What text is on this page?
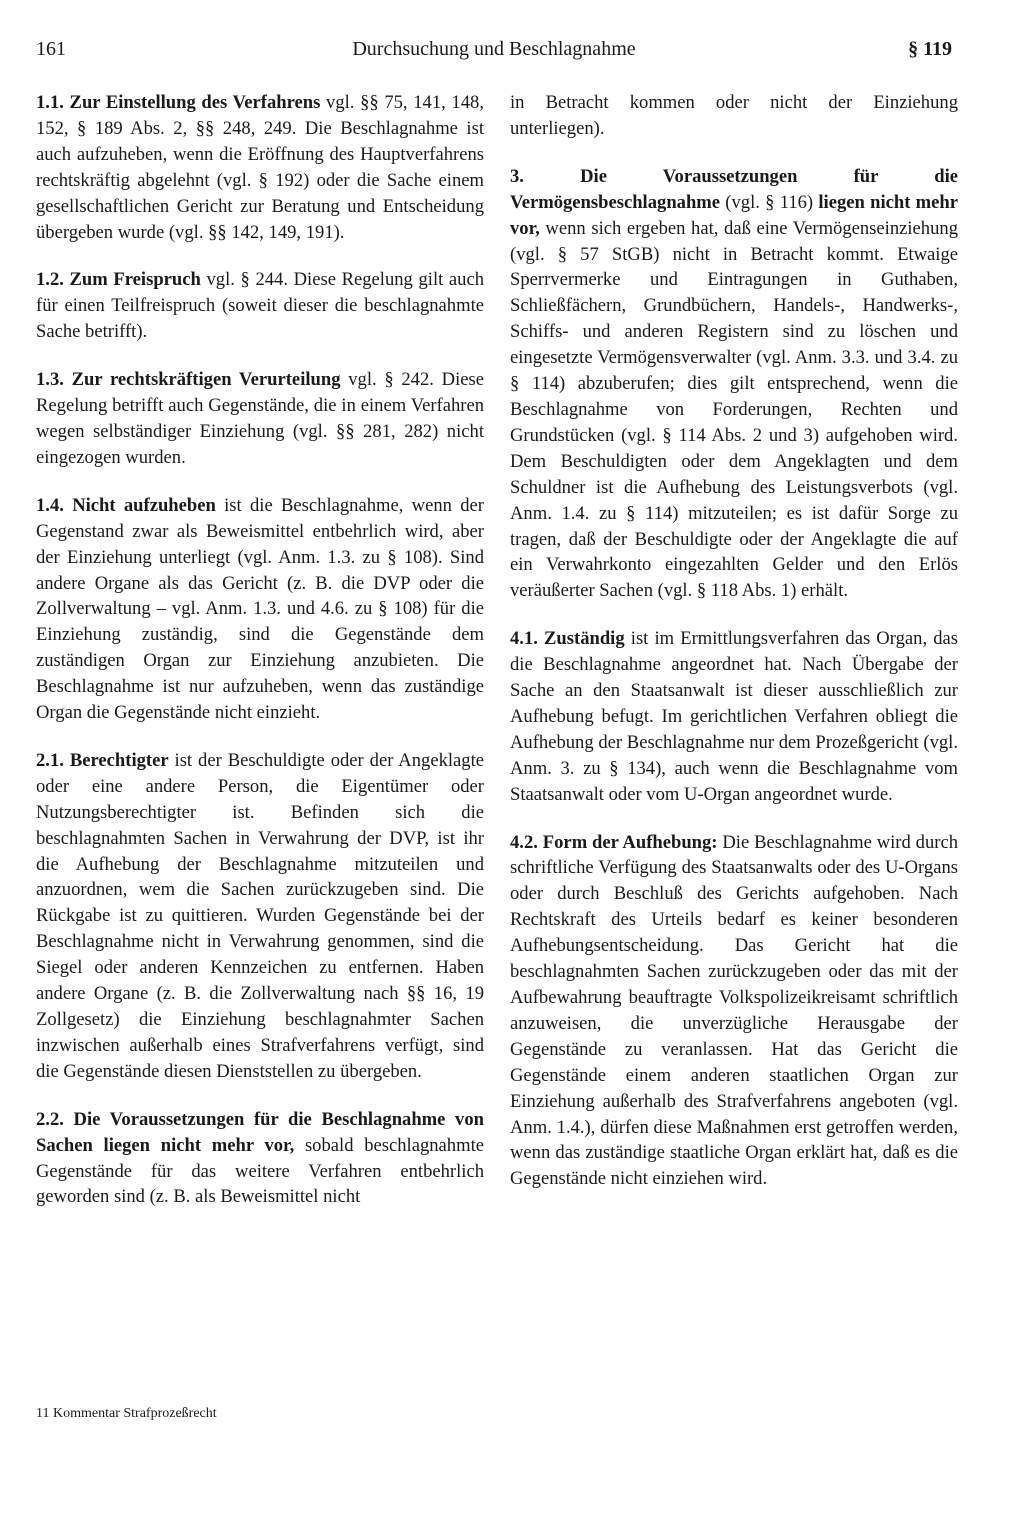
161	Durchsuchung und Beschlagnahme	§ 119

1.1. Zur Einstellung des Verfahrens vgl. §§ 75, 141, 148, 152, § 189 Abs. 2, §§ 248, 249. Die Beschlagnahme ist auch aufzuheben, wenn die Eröffnung des Hauptverfahrens rechtskräftig abgelehnt (vgl. § 192) oder die Sache einem gesellschaftlichen Gericht zur Beratung und Entscheidung übergeben wurde (vgl. §§ 142, 149, 191).

1.2. Zum Freispruch vgl. § 244. Diese Regelung gilt auch für einen Teilfreispruch (soweit dieser die beschlagnahmte Sache betrifft).

1.3. Zur rechtskräftigen Verurteilung vgl. § 242. Diese Regelung betrifft auch Gegenstände, die in einem Verfahren wegen selbständiger Einziehung (vgl. §§ 281, 282) nicht eingezogen wurden.

1.4. Nicht aufzuheben ist die Beschlagnahme, wenn der Gegenstand zwar als Beweismittel entbehrlich wird, aber der Einziehung unterliegt (vgl. Anm. 1.3. zu § 108). Sind andere Organe als das Gericht (z. B. die DVP oder die Zollverwaltung – vgl. Anm. 1.3. und 4.6. zu § 108) für die Einziehung zuständig, sind die Gegenstände dem zuständigen Organ zur Einziehung anzubieten. Die Beschlagnahme ist nur aufzuheben, wenn das zuständige Organ die Gegenstände nicht einzieht.

2.1. Berechtigter ist der Beschuldigte oder der Angeklagte oder eine andere Person, die Eigentümer oder Nutzungsberechtigter ist. Befinden sich die beschlagnahmten Sachen in Verwahrung der DVP, ist ihr die Aufhebung der Beschlagnahme mitzuteilen und anzuordnen, wem die Sachen zurückzugeben sind. Die Rückgabe ist zu quittieren. Wurden Gegenstände bei der Beschlagnahme nicht in Verwahrung genommen, sind die Siegel oder anderen Kennzeichen zu entfernen. Haben andere Organe (z. B. die Zollverwaltung nach §§ 16, 19 Zollgesetz) die Einziehung beschlagnahmter Sachen inzwischen außerhalb eines Strafverfahrens verfügt, sind die Gegenstände diesen Dienststellen zu übergeben.

2.2. Die Voraussetzungen für die Beschlagnahme von Sachen liegen nicht mehr vor, sobald beschlagnahmte Gegenstände für das weitere Verfahren entbehrlich geworden sind (z. B. als Beweismittel nicht

in Betracht kommen oder nicht der Einziehung unterliegen).

3.	Die Voraussetzungen für die Vermögensbeschlagnahme (vgl. § 116) liegen nicht mehr vor, wenn sich ergeben hat, daß eine Vermögenseinziehung (vgl. § 57 StGB) nicht in Betracht kommt. Etwaige Sperrvermerke und Eintragungen in Guthaben, Schließfächern, Grundbüchern, Handels-, Handwerks-, Schiffs- und anderen Registern sind zu löschen und eingesetzte Vermögensverwalter (vgl. Anm. 3.3. und 3.4. zu § 114) abzuberufen; dies gilt entsprechend, wenn die Beschlagnahme von Forderungen, Rechten und Grundstücken (vgl. § 114 Abs. 2 und 3) aufgehoben wird. Dem Beschuldigten oder dem Angeklagten und dem Schuldner ist die Aufhebung des Leistungsverbots (vgl. Anm. 1.4. zu § 114) mitzuteilen; es ist dafür Sorge zu tragen, daß der Beschuldigte oder der Angeklagte die auf ein Verwahrkonto eingezahlten Gelder und den Erlös veräußerter Sachen (vgl. § 118 Abs. 1) erhält.

4.1. Zuständig ist im Ermittlungsverfahren das Organ, das die Beschlagnahme angeordnet hat. Nach Übergabe der Sache an den Staatsanwalt ist dieser ausschließlich zur Aufhebung befugt. Im gerichtlichen Verfahren obliegt die Aufhebung der Beschlagnahme nur dem Prozeßgericht (vgl. Anm. 3. zu § 134), auch wenn die Beschlagnahme vom Staatsanwalt oder vom U-Organ angeordnet wurde.

4.2. Form der Aufhebung: Die Beschlagnahme wird durch schriftliche Verfügung des Staatsanwalts oder des U-Organs oder durch Beschluß des Gerichts aufgehoben. Nach Rechtskraft des Urteils bedarf es keiner besonderen Aufhebungsentscheidung. Das Gericht hat die beschlagnahmten Sachen zurückzugeben oder das mit der Aufbewahrung beauftragte Volkspolizeikreisamt schriftlich anzuweisen, die unverzügliche Herausgabe der Gegenstände zu veranlassen. Hat das Gericht die Gegenstände einem anderen staatlichen Organ zur Einziehung außerhalb des Strafverfahrens angeboten (vgl. Anm. 1.4.), dürfen diese Maßnahmen erst getroffen werden, wenn das zuständige staatliche Organ erklärt hat, daß es die Gegenstände nicht einziehen wird.

11 Kommentar Strafprozeßrecht
